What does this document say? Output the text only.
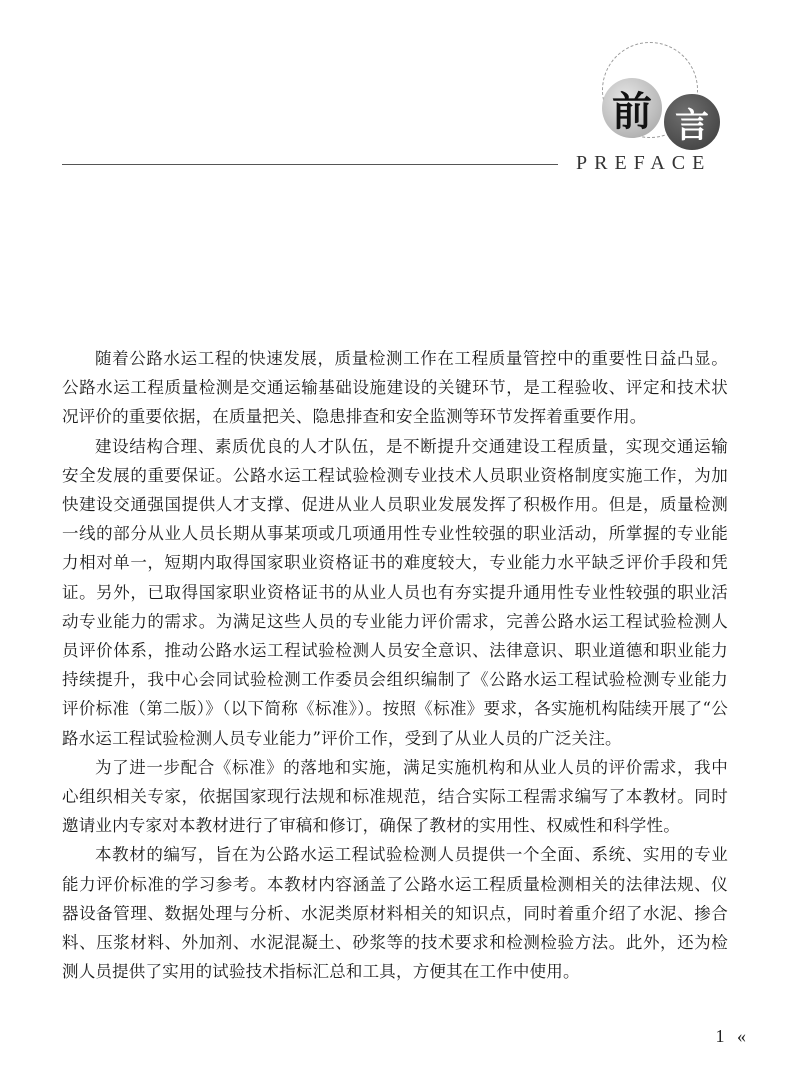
前 言
PREFACE

随着公路水运工程的快速发展，质量检测工作在工程质量管控中的重要性日益凸显。公路水运工程质量检测是交通运输基础设施建设的关键环节，是工程验收、评定和技术状况评价的重要依据，在质量把关、隐患排查和安全监测等环节发挥着重要作用。

建设结构合理、素质优良的人才队伍，是不断提升交通建设工程质量，实现交通运输安全发展的重要保证。公路水运工程试验检测专业技术人员职业资格制度实施工作，为加快建设交通强国提供人才支撑、促进从业人员职业发展发挥了积极作用。但是，质量检测一线的部分从业人员长期从事某项或几项通用性专业性较强的职业活动，所掌握的专业能力相对单一，短期内取得国家职业资格证书的难度较大，专业能力水平缺乏评价手段和凭证。另外，已取得国家职业资格证书的从业人员也有夯实提升通用性专业性较强的职业活动专业能力的需求。为满足这些人员的专业能力评价需求，完善公路水运工程试验检测人员评价体系，推动公路水运工程试验检测人员安全意识、法律意识、职业道德和职业能力持续提升，我中心会同试验检测工作委员会组织编制了《公路水运工程试验检测专业能力评价标准（第二版）》（以下简称《标准》）。按照《标准》要求，各实施机构陆续开展了“公路水运工程试验检测人员专业能力”评价工作，受到了从业人员的广泛关注。

为了进一步配合《标准》的落地和实施，满足实施机构和从业人员的评价需求，我中心组织相关专家，依据国家现行法规和标准规范，结合实际工程需求编写了本教材。同时邀请业内专家对本教材进行了审稿和修订，确保了教材的实用性、权威性和科学性。

本教材的编写，旨在为公路水运工程试验检测人员提供一个全面、系统、实用的专业能力评价标准的学习参考。本教材内容涵盖了公路水运工程质量检测相关的法律法规、仪器设备管理、数据处理与分析、水泥类原材料相关的知识点，同时着重介绍了水泥、掺合料、压浆材料、外加剂、水泥混凝土、砂浆等的技术要求和检测检验方法。此外，还为检测人员提供了实用的试验技术指标汇总和工具，方便其在工作中使用。

1 «
